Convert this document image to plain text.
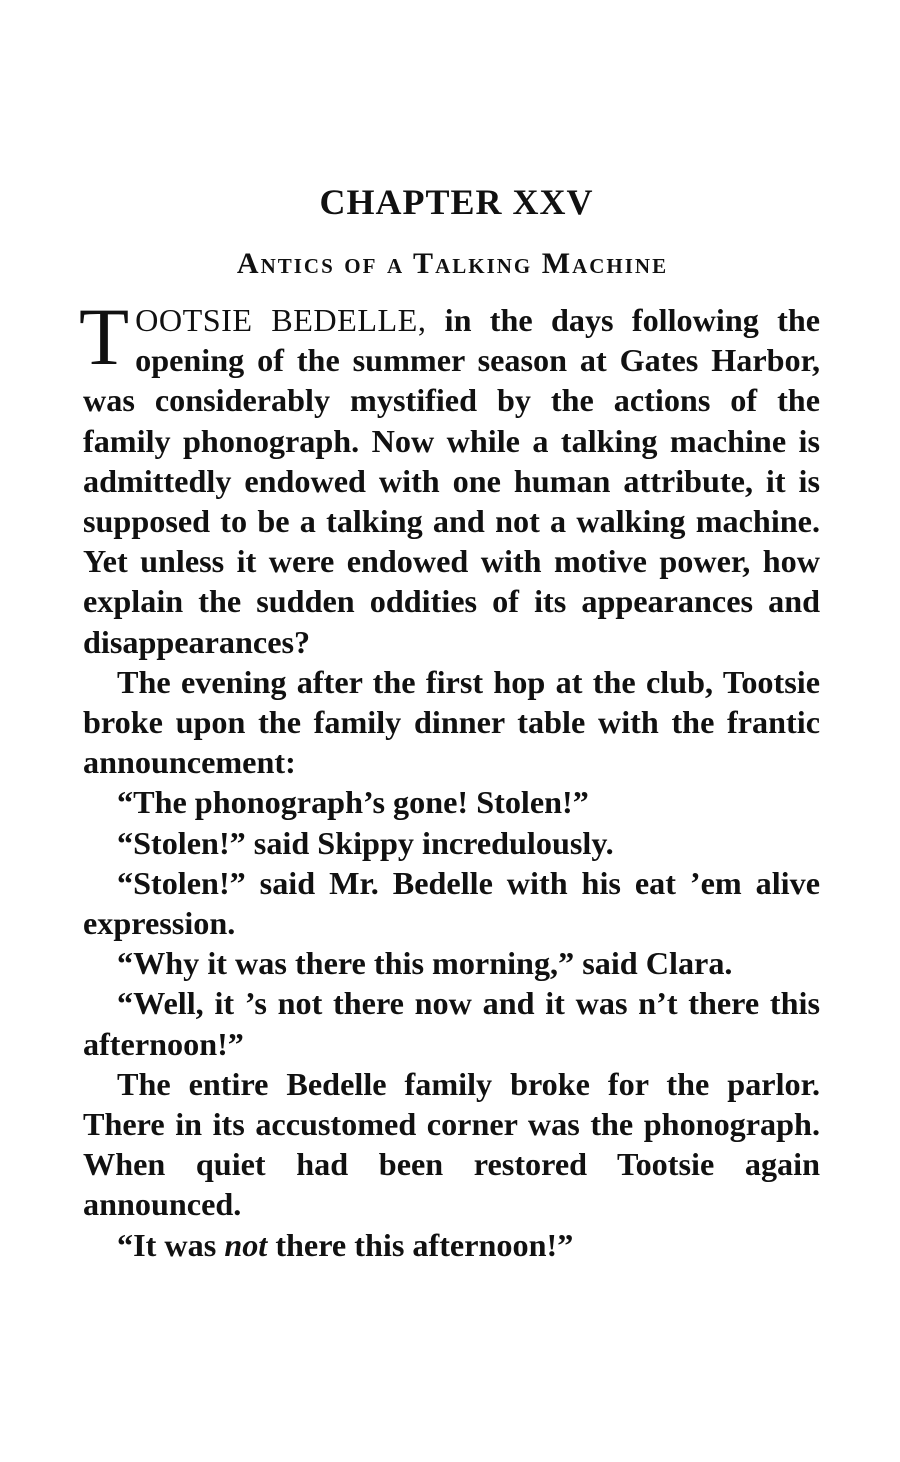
CHAPTER XXV
Antics of a Talking Machine

TOOTSIE BEDELLE, in the days following the opening of the summer season at Gates Harbor, was considerably mystified by the actions of the family phonograph. Now while a talking machine is admittedly endowed with one human attribute, it is supposed to be a talking and not a walking machine. Yet unless it were endowed with motive power, how explain the sudden oddities of its appearances and disappearances?

The evening after the first hop at the club, Tootsie broke upon the family dinner table with the frantic announcement:

“The phonograph’s gone! Stolen!”

“Stolen!” said Skippy incredulously.

“Stolen!” said Mr. Bedelle with his eat ’em alive expression.

“Why it was there this morning,” said Clara.

“Well, it ’s not there now and it was n’t there this afternoon!”

The entire Bedelle family broke for the parlor. There in its accustomed corner was the phonograph. When quiet had been restored Tootsie again announced.

“It was not there this afternoon!”
